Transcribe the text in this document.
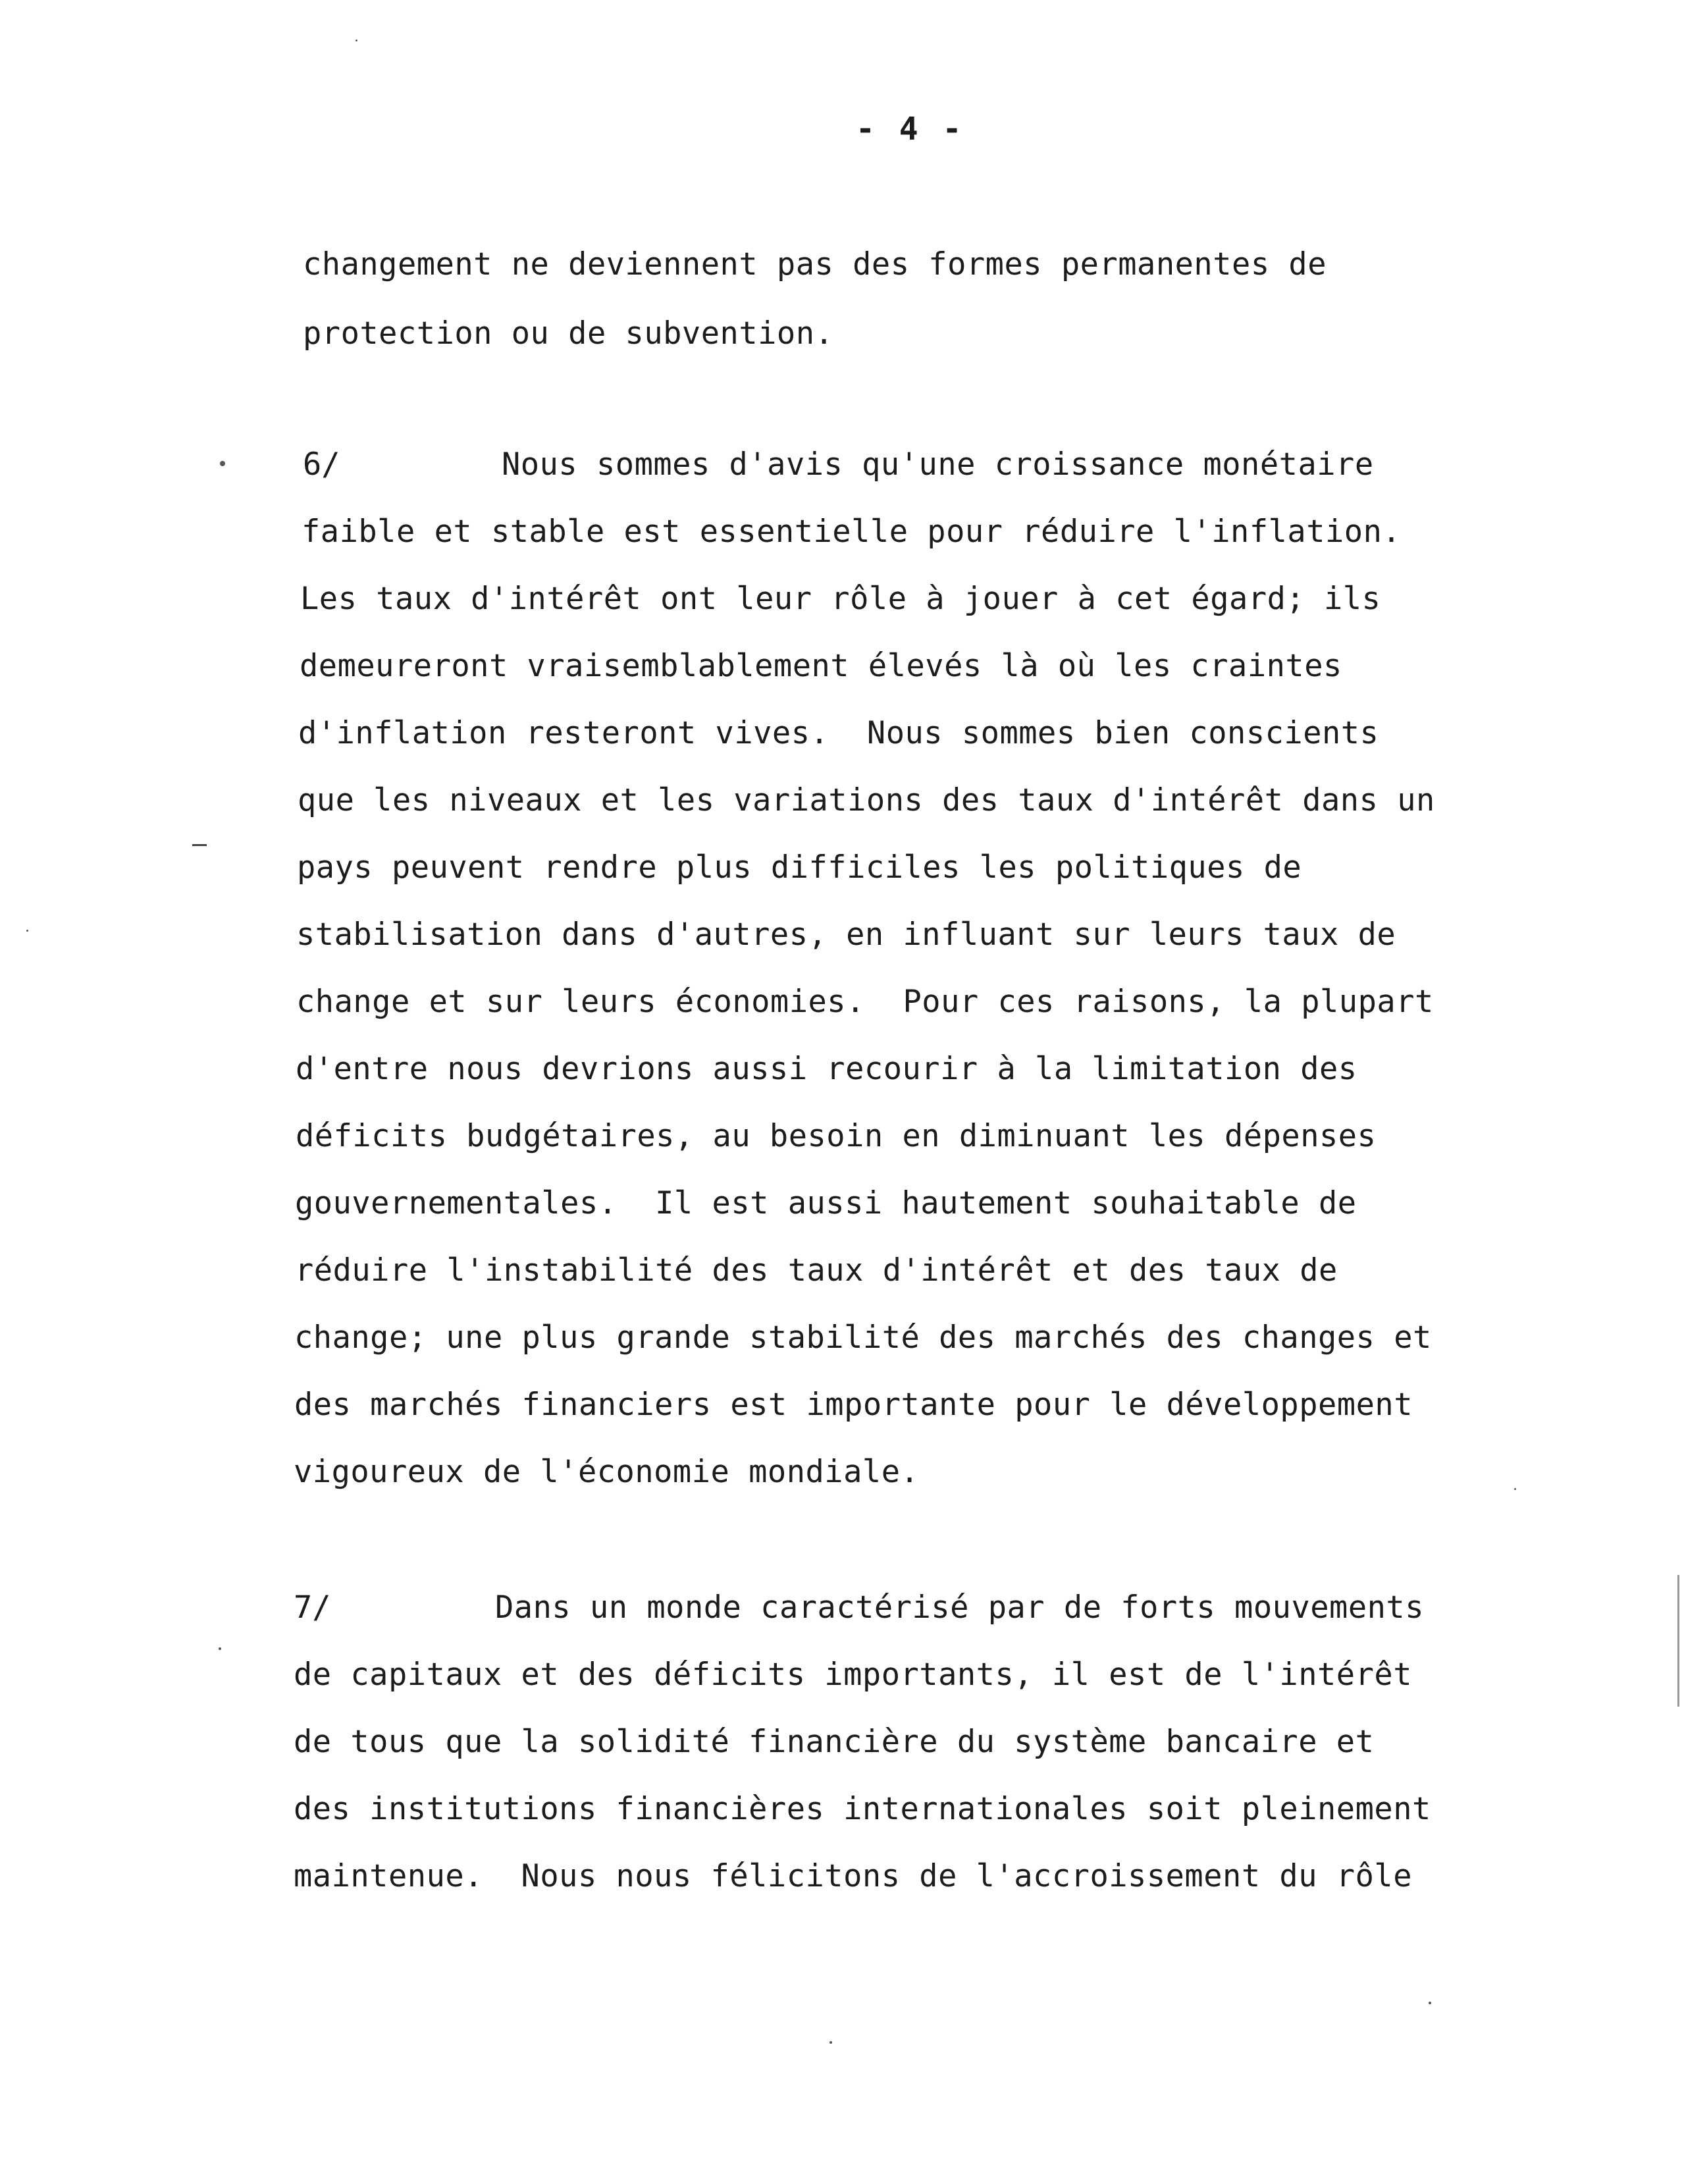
- 4 -
changement ne deviennent pas des formes permanentes de
protection ou de subvention.
6/	Nous sommes d'avis qu'une croissance monétaire
faible et stable est essentielle pour réduire l'inflation.
Les taux d'intérêt ont leur rôle à jouer à cet égard; ils
demeureront vraisemblablement élevés là où les craintes
d'inflation resteront vives.  Nous sommes bien conscients
que les niveaux et les variations des taux d'intérêt dans un
pays peuvent rendre plus difficiles les politiques de
stabilisation dans d'autres, en influant sur leurs taux de
change et sur leurs économies.  Pour ces raisons, la plupart
d'entre nous devrions aussi recourir à la limitation des
déficits budgétaires, au besoin en diminuant les dépenses
gouvernementales.  Il est aussi hautement souhaitable de
réduire l'instabilité des taux d'intérêt et des taux de
change; une plus grande stabilité des marchés des changes et
des marchés financiers est importante pour le développement
vigoureux de l'économie mondiale.
7/	Dans un monde caractérisé par de forts mouvements
de capitaux et des déficits importants, il est de l'intérêt
de tous que la solidité financière du système bancaire et
des institutions financières internationales soit pleinement
maintenue.  Nous nous félicitons de l'accroissement du rôle
